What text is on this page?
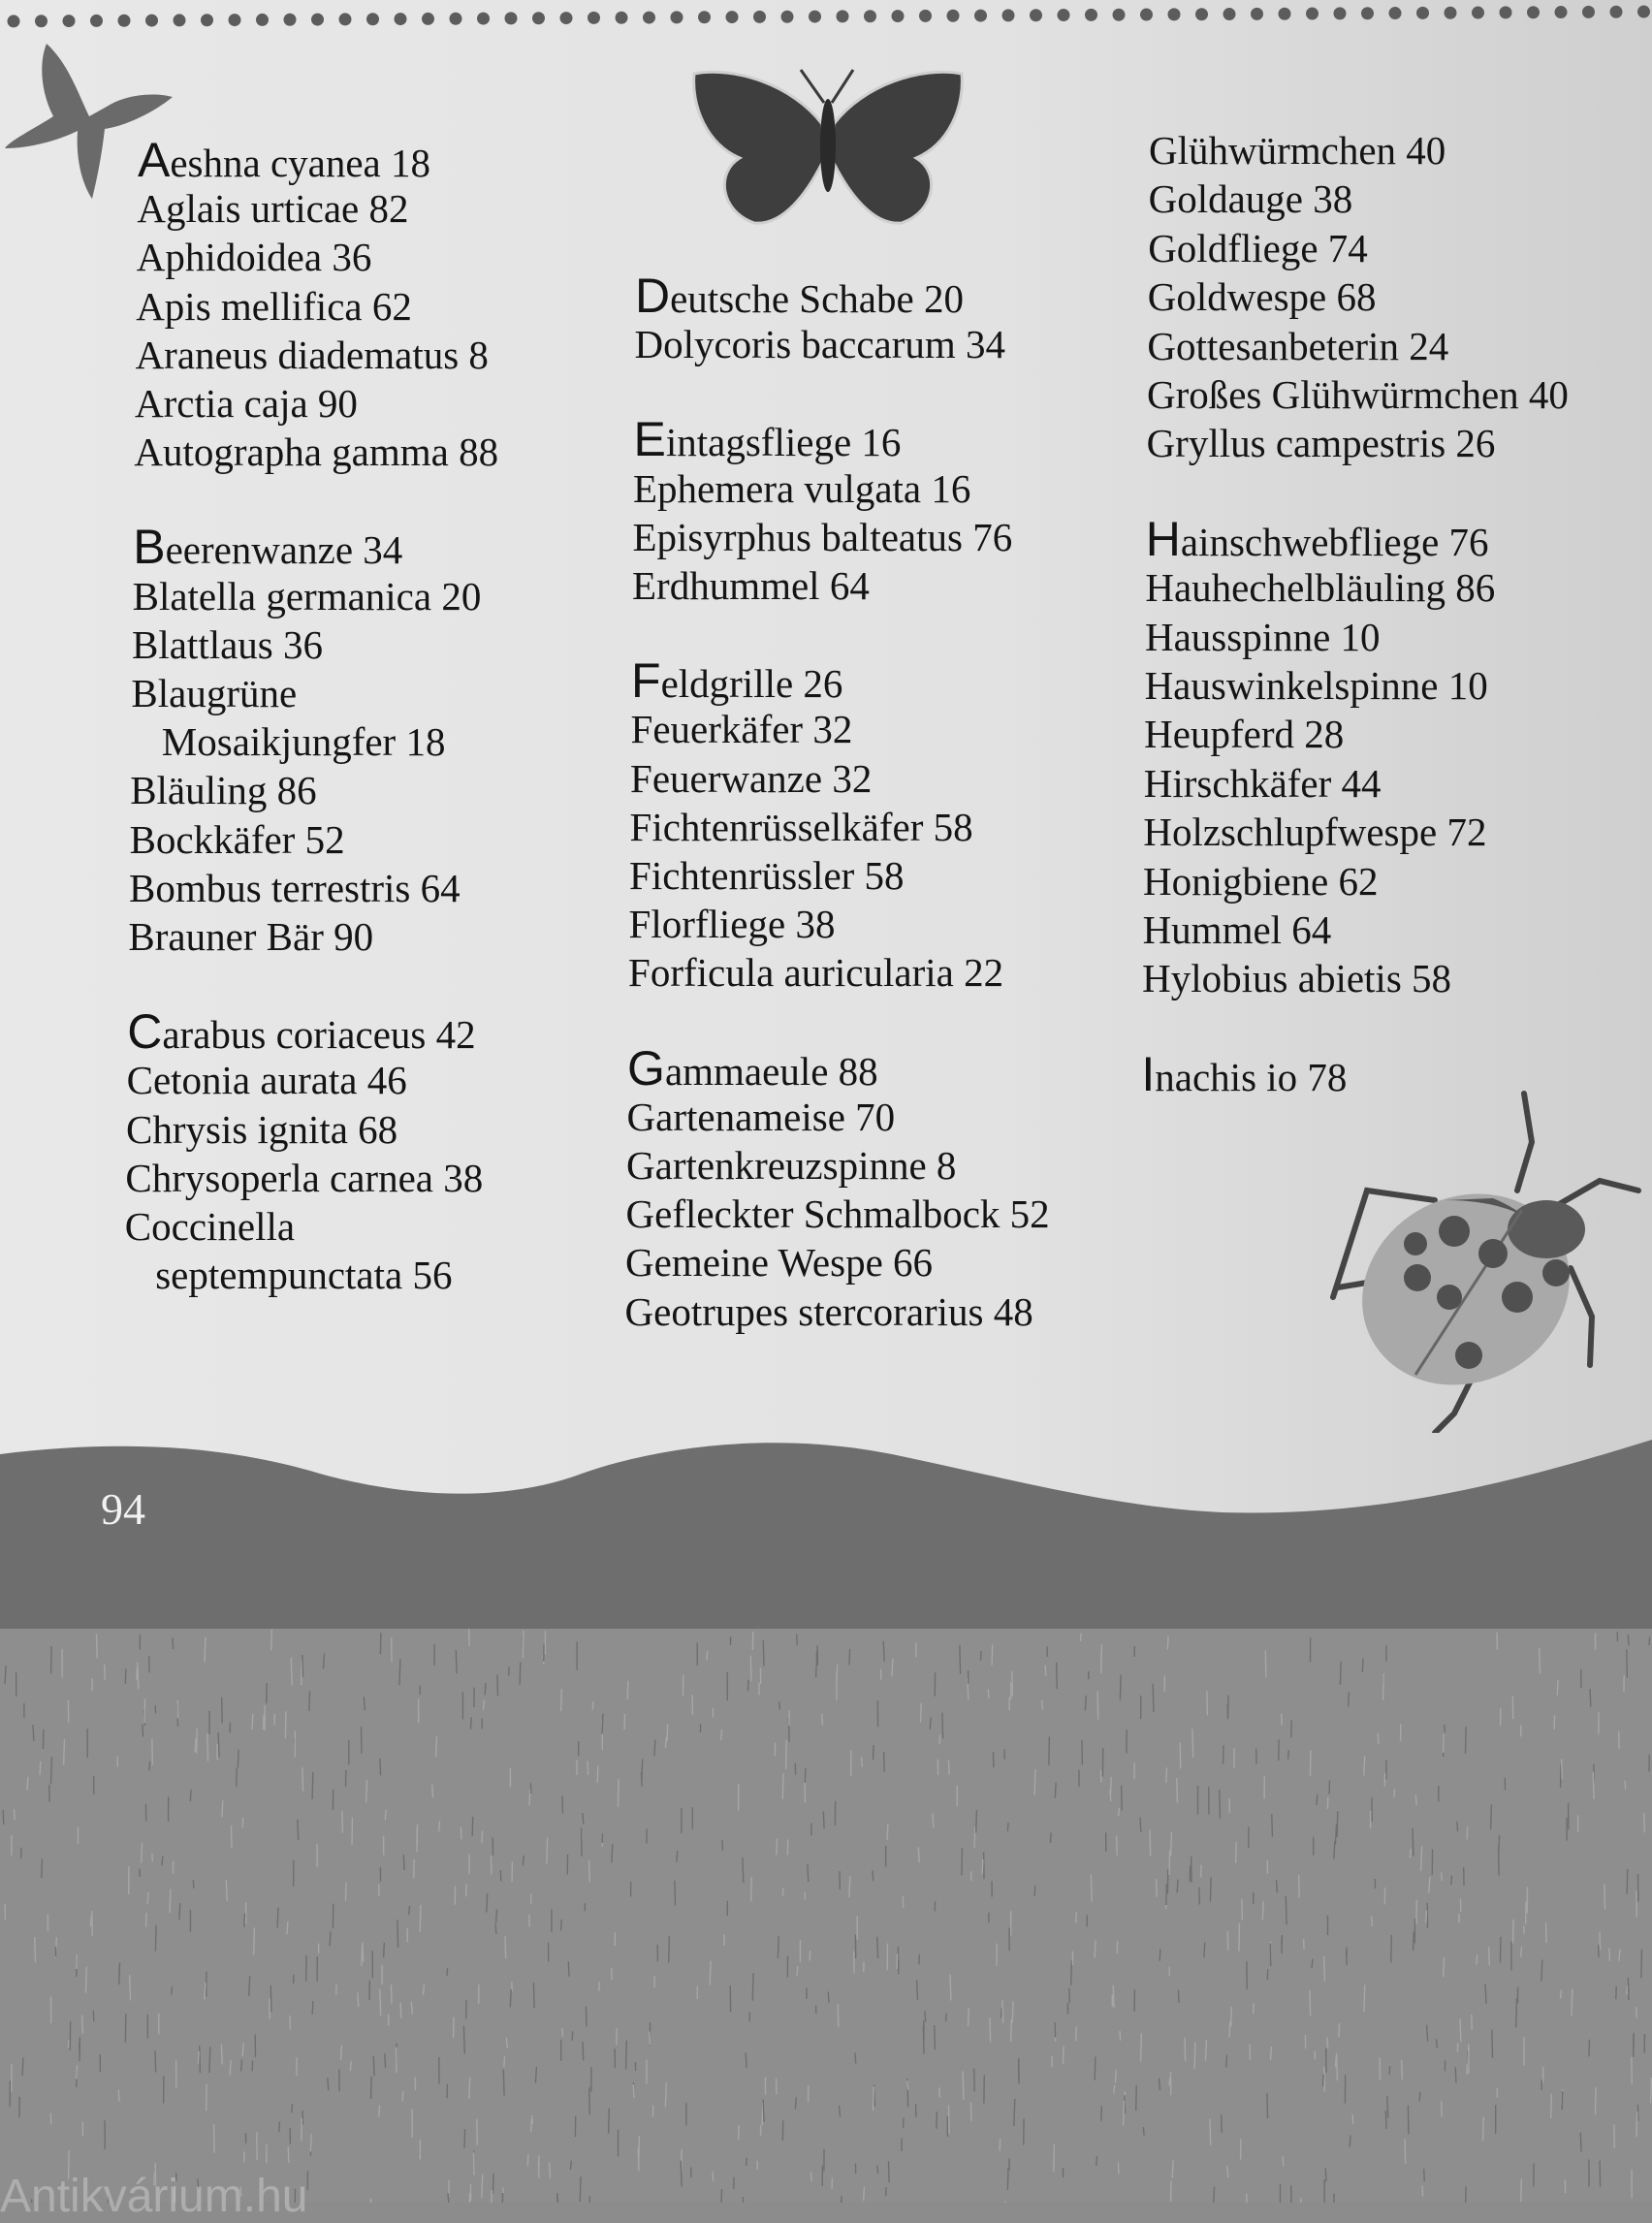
Aeshna cyanea 18
Aglais urticae 82
Aphidoidea 36
Apis mellifica 62
Araneus diadematus 8
Arctia caja 90
Autographa gamma 88
Beerenwanze 34
Blatella germanica 20
Blattlaus 36
Blaugrüne
Mosaikjungfer 18
Bläuling 86
Bockkäfer 52
Bombus terrestris 64
Brauner Bär 90
Carabus coriaceus 42
Cetonia aurata 46
Chrysis ignita 68
Chrysoperla carnea 38
Coccinella
septempunctata 56
Deutsche Schabe 20
Dolycoris baccarum 34
Eintagsfliege 16
Ephemera vulgata 16
Episyrphus balteatus 76
Erdhummel 64
Feldgrille 26
Feuerkäfer 32
Feuerwanze 32
Fichtenrüsselkäfer 58
Fichtenrüssler 58
Florfliege 38
Forficula auricularia 22
Gammaeule 88
Gartenameise 70
Gartenkreuzspinne 8
Gefleckter Schmalbock 52
Gemeine Wespe 66
Geotrupes stercorarius 48
Glühwürmchen 40
Goldauge 38
Goldfliege 74
Goldwespe 68
Gottesanbeterin 24
Großes Glühwürmchen 40
Gryllus campestris 26
Hainschwebfliege 76
Hauhechelbläuling 86
Hausspinne 10
Hauswinkelspinne 10
Heupferd 28
Hirschkäfer 44
Holzschlupfwespe 72
Honigbiene 62
Hummel 64
Hylobius abietis 58
Inachis io 78
94
Antikvárium.hu
